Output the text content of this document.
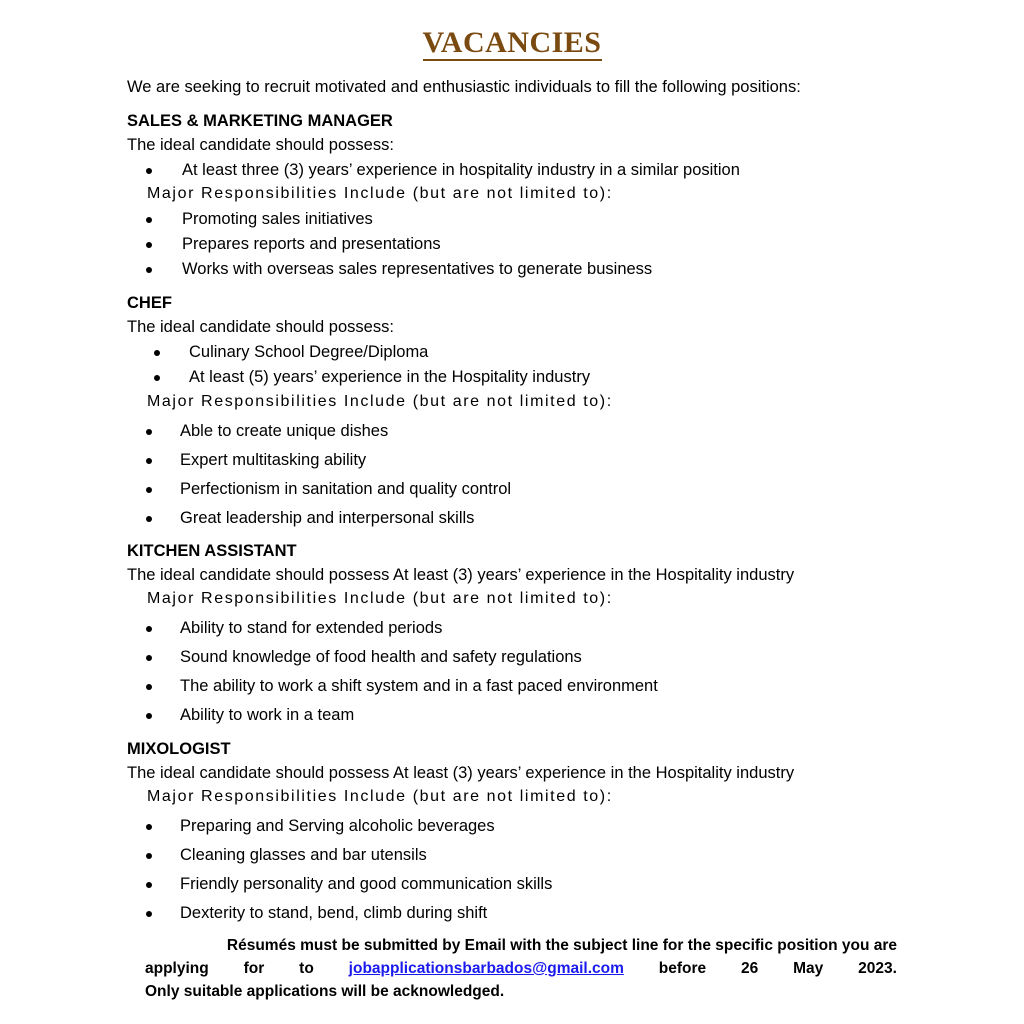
VACANCIES
We are seeking to recruit motivated and enthusiastic individuals to fill the following positions:
SALES & MARKETING MANAGER
The ideal candidate should possess:
At least three (3) years’ experience in hospitality industry in a similar position
Major Responsibilities Include (but are not limited to):
Promoting sales initiatives
Prepares reports and presentations
Works with overseas sales representatives to generate business
CHEF
The ideal candidate should possess:
Culinary School Degree/Diploma
At least (5) years’ experience in the Hospitality industry
Major Responsibilities Include (but are not limited to):
Able to create unique dishes
Expert multitasking ability
Perfectionism in sanitation and quality control
Great leadership and interpersonal skills
KITCHEN ASSISTANT
The ideal candidate should possess At least (3) years’ experience in the Hospitality industry
Major Responsibilities Include (but are not limited to):
Ability to stand for extended periods
Sound knowledge of food health and safety regulations
The ability to work a shift system and in a fast paced environment
Ability to work in a team
MIXOLOGIST
The ideal candidate should possess At least (3) years’ experience in the Hospitality industry
Major Responsibilities Include (but are not limited to):
Preparing and Serving alcoholic beverages
Cleaning glasses and bar utensils
Friendly personality and good communication skills
Dexterity to stand, bend, climb during shift
Résumés must be submitted by Email with the subject line for the specific position you are
applying for to jobapplicationsbarbados@gmail.com before 26 May 2023.
Only suitable applications will be acknowledged.
